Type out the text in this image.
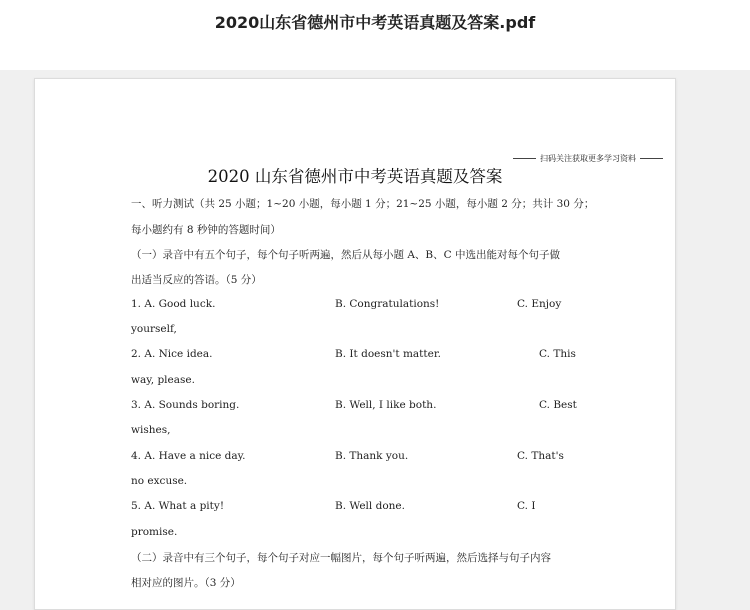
2020山东省德州市中考英语真题及答案.pdf
扫码关注获取更多学习资料
2020 山东省德州市中考英语真题及答案
一、听力测试（共 25 小题；1~20 小题，每小题 1 分；21~25 小题，每小题 2 分；共计 30 分；
每小题约有 8 秒钟的答题时间）
（一）录音中有五个句子，每个句子听两遍，然后从每小题 A、B、C 中选出能对每个句子做
出适当反应的答语。（5 分）
1. A. Good luck.	B. Congratulations!	C. Enjoy
yourself,
2. A. Nice idea.	B. It doesn't matter.	C. This
way, please.
3. A. Sounds boring.	B. Well, I like both.	C. Best
wishes,
4. A. Have a nice day.	B. Thank you.	C. That's
no excuse.
5. A. What a pity!	B. Well done.	C. I
promise.
（二）录音中有三个句子，每个句子对应一幅图片，每个句子听两遍，然后选择与句子内容
相对应的图片。（3 分）
